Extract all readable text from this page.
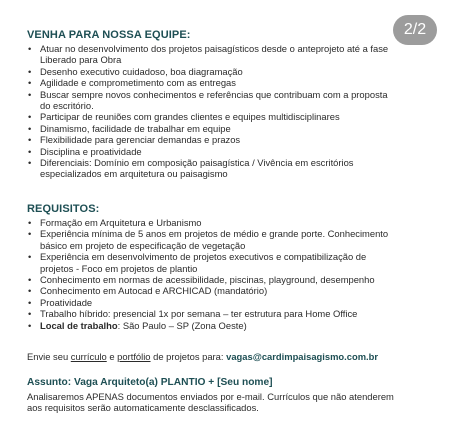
2/2
VENHA PARA NOSSA EQUIPE:
• Atuar no desenvolvimento dos projetos paisagísticos desde o anteprojeto até a fase
Liberado para Obra
• Desenho executivo cuidadoso, boa diagramação
• Agilidade e comprometimento com as entregas
• Buscar sempre novos conhecimentos e referências que contribuam com a proposta
do escritório.
• Participar de reuniões com grandes clientes e equipes multidisciplinares
• Dinamismo, facilidade de trabalhar em equipe
• Flexibilidade para gerenciar demandas e prazos
• Disciplina e proatividade
• Diferenciais: Domínio em composição paisagística / Vivência em escritórios
especializados em arquitetura ou paisagismo
REQUISITOS:
• Formação em Arquitetura e Urbanismo
• Experiência mínima de 5 anos em projetos de médio e grande porte. Conhecimento
básico em projeto de especificação de vegetação
• Experiência em desenvolvimento de projetos executivos e compatibilização de
projetos - Foco em projetos de plantio
• Conhecimento em normas de acessibilidade, piscinas, playground, desempenho
• Conhecimento em Autocad e ARCHICAD (mandatório)
• Proatividade
• Trabalho híbrido: presencial 1x por semana – ter estrutura para Home Office
• Local de trabalho: São Paulo – SP (Zona Oeste)
Envie seu currículo e portfólio de projetos para: vagas@cardimpaisagismo.com.br
Assunto: Vaga Arquiteto(a) PLANTIO + [Seu nome]
Analisaremos APENAS documentos enviados por e-mail. Currículos que não atenderem
aos requisitos serão automaticamente desclassificados.
